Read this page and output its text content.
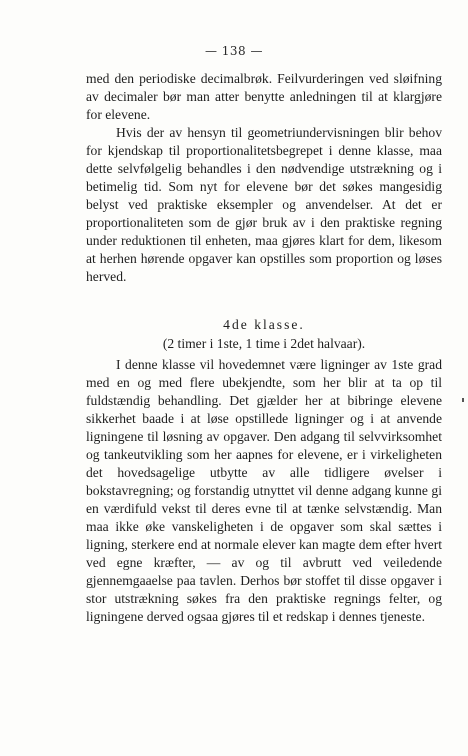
— 138 —

med den periodiske decimalbrøk. Feilvurderingen ved sløifning av decimaler bør man atter benytte anledningen til at klargjøre for elevene.

Hvis der av hensyn til geometriundervisningen blir behov for kjendskap til proportionalitetsbegrepet i denne klasse, maa dette selvfølgelig behandles i den nødvendige utstrækning og i betimelig tid. Som nyt for elevene bør det søkes mangesidig belyst ved praktiske eksempler og anvendelser. At det er proportionaliteten som de gjør bruk av i den praktiske regning under reduktionen til enheten, maa gjøres klart for dem, likesom at herhen hørende opgaver kan opstilles som proportion og løses herved.

4de klasse.
(2 timer i 1ste, 1 time i 2det halvaar).

I denne klasse vil hovedemnet være ligninger av 1ste grad med en og med flere ubekjendte, som her blir at ta op til fuldstændig behandling. Det gjælder her at bibringe elevene sikkerhet baade i at løse opstillede ligninger og i at anvende ligningene til løsning av opgaver. Den adgang til selvvirksomhet og tankeutvikling som her aapnes for elevene, er i virkeligheten det hovedsagelige utbytte av alle tidligere øvelser i bokstavregning; og forstandig utnyttet vil denne adgang kunne gi en værdifuld vekst til deres evne til at tænke selvstændig. Man maa ikke øke vanskeligheten i de opgaver som skal sættes i ligning, sterkere end at normale elever kan magte dem efter hvert ved egne kræfter, — av og til avbrutt ved veiledende gjennemgaaelse paa tavlen. Derhos bør stoffet til disse opgaver i stor utstrækning søkes fra den praktiske regnings felter, og ligningene derved ogsaa gjøres til et redskap i dennes tjeneste.
